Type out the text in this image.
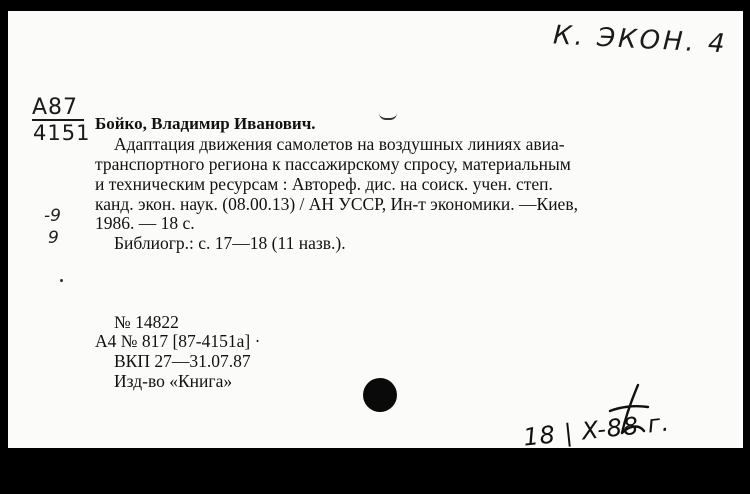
К. ЭКОН. 4
А87
4151
-9
9
Бойко, Владимир Иванович.
Адаптация движения самолетов на воздушных линиях авиа-
транспортного региона к пассажирскому спросу, материальным
и техническим ресурсам : Автореф. дис. на соиск. учен. степ.
канд. экон. наук. (08.00.13) / АН УССР, Ин-т экономики. —Киев,
1986. — 18 с.
Библиогр.: с. 17—18 (11 назв.).
№ 14822
А4 № 817 [87-4151а] ·
ВКП 27—31.07.87
Изд-во «Книга»
18 | X-88 г.
